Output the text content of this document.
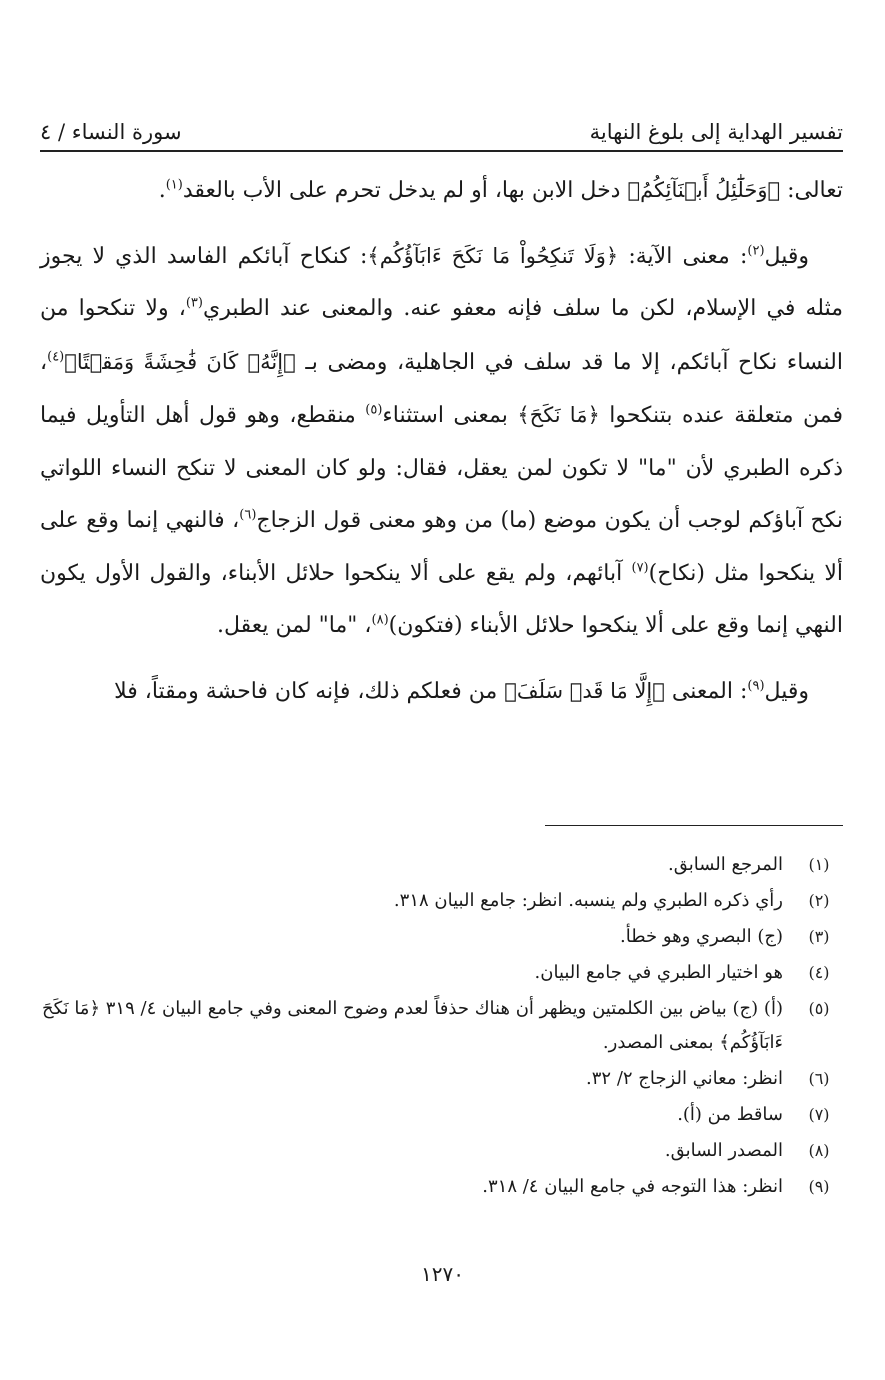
تفسير الهداية إلى بلوغ النهاية
سورة النساء / ٤

تعالى: ﴿وَحَلَٰٓئِلُ أَبۡنَآئِكُمُ﴾ دخل الابن بها، أو لم يدخل تحرم على الأب بالعقد$^{(١)}$.

وقيل$^{(٢)}$: معنى الآية: ﴿وَلَا تَنكِحُواْ مَا نَكَحَ ءَابَآؤُكُم﴾: كنكاح آبائكم الفاسد الذي لا يجوز مثله في الإسلام، لكن ما سلف فإنه معفو عنه. والمعنى عند الطبري$^{(٣)}$، ولا تنكحوا من النساء نكاح آبائكم، إلا ما قد سلف في الجاهلية، ومضى بـ ﴿إِنَّهُۥ كَانَ فَٰحِشَةً وَمَقۡتًا﴾$^{(٤)}$، فمن متعلقة عنده بتنكحوا ﴿مَا نَكَحَ﴾ بمعنى استثناء$^{(٥)}$ منقطع، وهو قول أهل التأويل فيما ذكره الطبري لأن "ما" لا تكون لمن يعقل، فقال: ولو كان المعنى لا تنكح النساء اللواتي نكح آباؤكم لوجب أن يكون موضع (ما) من وهو معنى قول الزجاج$^{(٦)}$، فالنهي إنما وقع على ألا ينكحوا مثل (نكاح)$^{(٧)}$ آبائهم، ولم يقع على ألا ينكحوا حلائل الأبناء، والقول الأول يكون النهي إنما وقع على ألا ينكحوا حلائل الأبناء (فتكون)$^{(٨)}$، "ما" لمن يعقل.

وقيل$^{(٩)}$: المعنى ﴿إِلَّا مَا قَدۡ سَلَفَ﴾ من فعلكم ذلك، فإنه كان فاحشة ومقتاً، فلا

(١)
المرجع السابق.
(٢)
رأي ذكره الطبري ولم ينسبه. انظر: جامع البيان ٣١٨.
(٣)
(ج) البصري وهو خطأ.
(٤)
هو اختيار الطبري في جامع البيان.
(٥)
(أ) (ج) بياض بين الكلمتين ويظهر أن هناك حذفاً لعدم وضوح المعنى وفي جامع البيان ٤/ ٣١٩ ﴿مَا نَكَحَ ءَابَآؤُكُم﴾ بمعنى المصدر.
(٦)
انظر: معاني الزجاج ٢/ ٣٢.
(٧)
ساقط من (أ).
(٨)
المصدر السابق.
(٩)
انظر: هذا التوجه في جامع البيان ٤/ ٣١٨.
١٢٧٠
